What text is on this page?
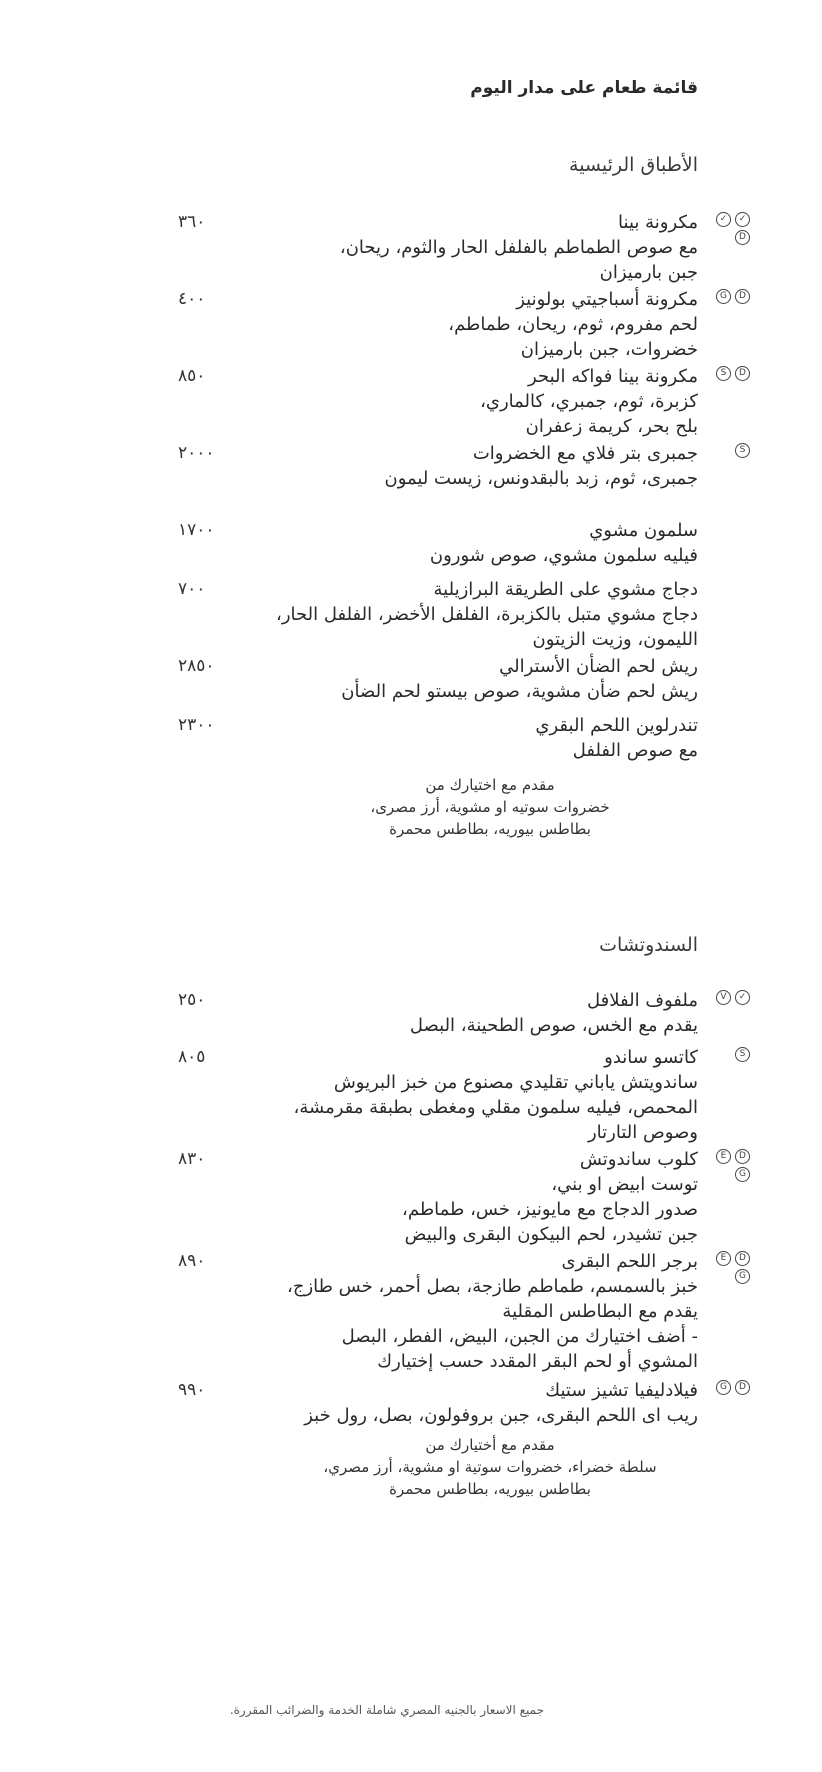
قائمة طعام على مدار اليوم
الأطباق الرئيسية
✓
✓
D
مكرونة بينا
مع صوص الطماطم بالفلفل الحار والثوم، ريحان،
جبن بارميزان
٣٦٠
D
G
مكرونة أسباجيتي بولونيز
لحم مفروم، ثوم، ريحان، طماطم،
خضروات، جبن بارميزان
٤٠٠
D
S
مكرونة بينا فواكه البحر
كزبرة، ثوم، جمبري، كالماري،
بلح بحر، كريمة زعفران
٨٥٠
S
جمبرى بتر فلاي مع الخضروات
جمبرى، ثوم، زبد بالبقدونس، زيست ليمون
٢٠٠٠
سلمون مشوي
فيليه سلمون مشوي، صوص شورون
١٧٠٠
دجاج مشوي على الطريقة البرازيلية
دجاج مشوي متبل بالكزبرة، الفلفل الأخضر، الفلفل الحار،
الليمون، وزيت الزيتون
٧٠٠
ريش لحم الضأن الأسترالي
ريش لحم ضأن مشوية، صوص بيستو لحم الضأن
٢٨٥٠
تندرلوين اللحم البقري
مع صوص الفلفل
٢٣٠٠
مقدم مع اختيارك من
خضروات سوتيه او مشوية، أرز مصرى،
بطاطس بيوريه، بطاطس محمرة
السندوتشات
✓
V
ملفوف الفلافل
يقدم مع الخس، صوص الطحينة، البصل
٢٥٠
S
كاتسو ساندو
ساندويتش ياباني تقليدي مصنوع من خبز البريوش
المحمص، فيليه سلمون مقلي ومغطى بطبقة مقرمشة،
وصوص التارتار
٨٠٥
D
E
G
كلوب ساندوتش
توست ابيض او بني،
صدور الدجاج مع مايونيز، خس، طماطم،
جبن تشيدر، لحم البيكون البقرى والبيض
٨٣٠
D
E
G
برجر اللحم البقرى
خبز بالسمسم، طماطم طازجة، بصل أحمر، خس طازج،
يقدم مع البطاطس المقلية
- أضف اختيارك من الجبن، البيض، الفطر، البصل
المشوي أو لحم البقر المقدد حسب إختيارك
٨٩٠
D
G
فيلادليفيا تشيز ستيك
ريب اى اللحم البقرى، جبن بروفولون، بصل، رول خبز
٩٩٠
مقدم مع أختيارك من
سلطة خضراء، خضروات سوتية او مشوية، أرز مصري،
بطاطس بيوريه، بطاطس محمرة

جميع الاسعار بالجنيه المصري شاملة الخدمة والضرائب المقررة.
